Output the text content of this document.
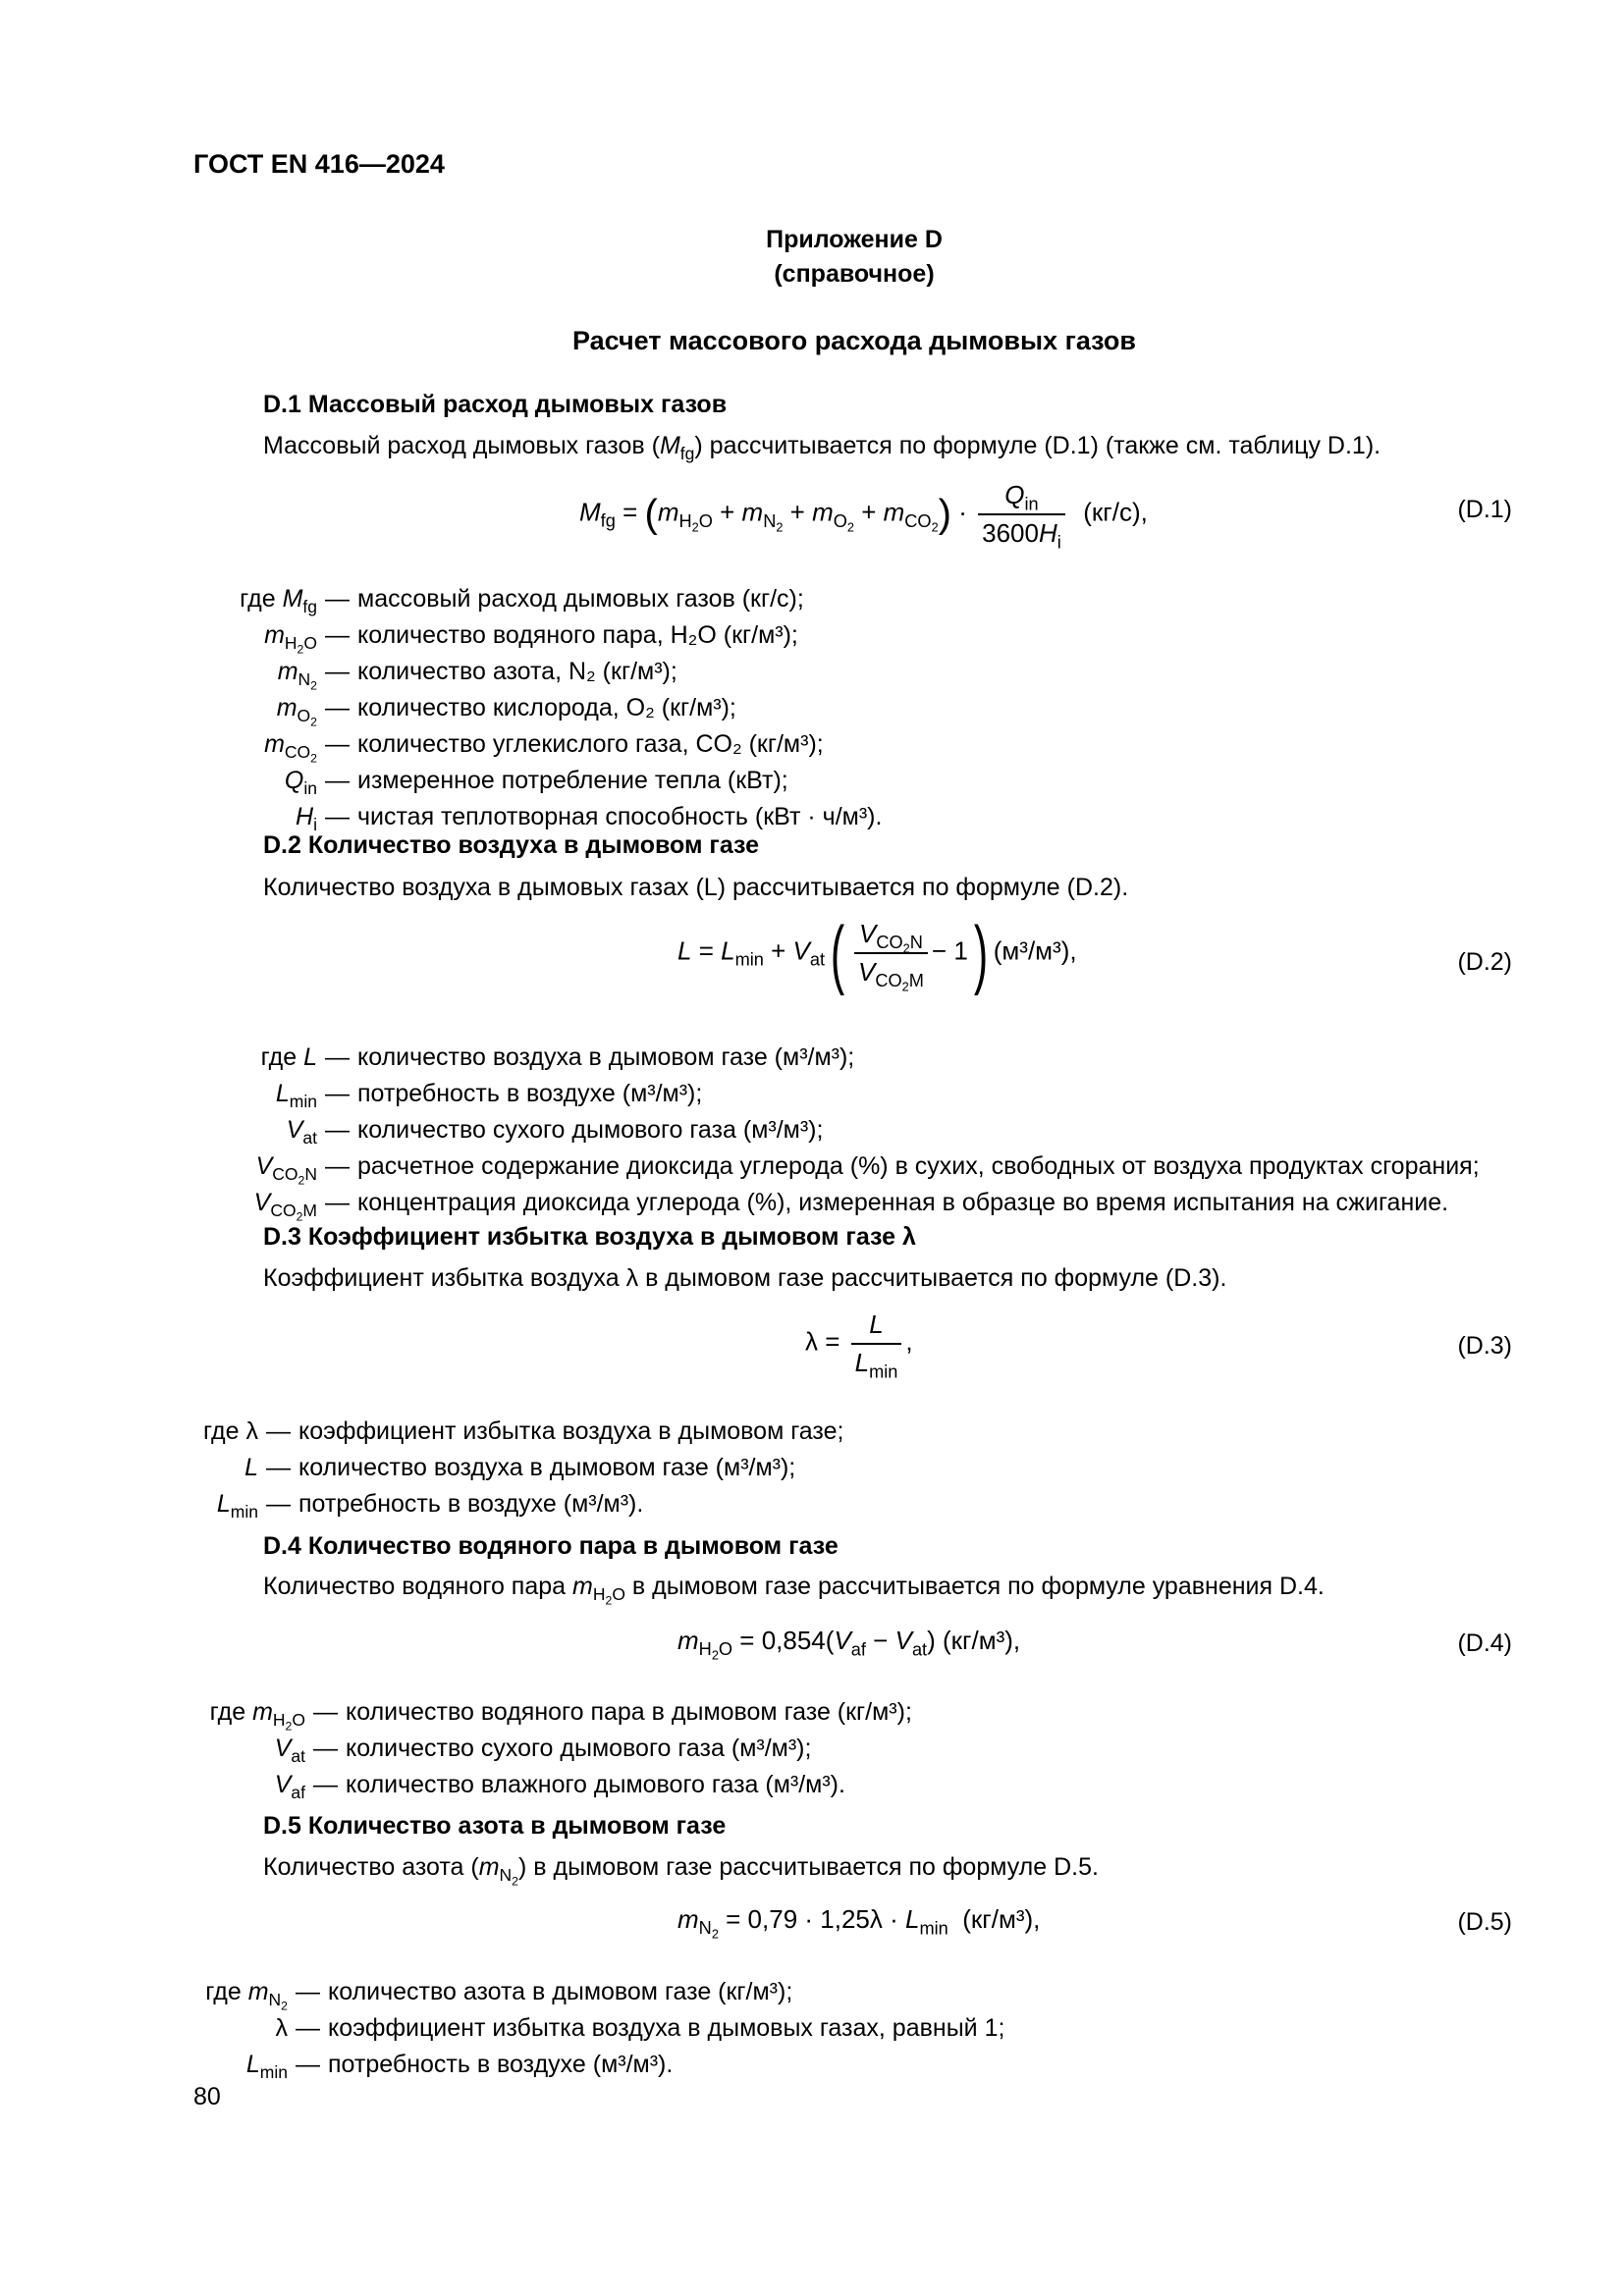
ГОСТ EN 416—2024
Приложение D
(справочное)
Расчет массового расхода дымовых газов
D.1 Массовый расход дымовых газов
Массовый расход дымовых газов $(M_{fg})$ рассчитывается по формуле (D.1) (также см. таблицу D.1).
$M_{fg} = (m_{H_2O} + m_{N_2} + m_{O_2} + m_{CO_2}) \cdot \frac{Q_{in}}{3600H_i} (кг/с)$,	(D.1)
где $M_{fg}$ — массовый расход дымовых газов (кг/с);
$m_{H_2O}$ — количество водяного пара, H₂O (кг/м³);
$m_{N_2}—$ количество азота, N₂ (кг/м³);
$m_{O_2}—$ количество кислорода, O₂ (кг/м³);
$m_{CO_2}—$ количество углекислого газа, CO₂ (кг/м³);
$Q_{in}$ — измеренное потребление тепла (кВт);
$H_i$ — чистая теплотворная способность (кВт · ч/м³).
D.2 Количество воздуха в дымовом газе
Количество воздуха в дымовых газах (L) рассчитывается по формуле (D.2).
$L = L_{min} + V_{at}( \frac{V_{CO_2N}}{V_{CO_2M}} - 1)$ (м³/м³),	(D.2)
где L — количество воздуха в дымовом газе (м³/м³);
$L_{min}$ — потребность в воздухе (м³/м³);
$V_{at}$ — количество сухого дымового газа (м³/м³);
$V_{CO_2N}$ — расчетное содержание диоксида углерода (%) в сухих, свободных от воздуха продуктах сгорания;
$V_{CO_2M}$ — концентрация диоксида углерода (%), измеренная в образце во время испытания на сжигание.
D.3 Коэффициент избытка воздуха в дымовом газе λ
Коэффициент избытка воздуха λ в дымовом газе рассчитывается по формуле (D.3).
$\lambda = \frac{L}{L_{min}}$ ,	(D.3)
где λ — коэффициент избытка воздуха в дымовом газе;
L — количество воздуха в дымовом газе (м³/м³);
$L_{min}$ — потребность в воздухе (м³/м³).
D.4 Количество водяного пара в дымовом газе
Количество водяного пара $m_{H_2O}$ в дымовом газе рассчитывается по формуле уравнения D.4.
$m_{H_2O} = 0,854(V_{af} - V_{at})$ (кг/м³),	(D.4)
где $m_{H_2O}$ — количество водяного пара в дымовом газе (кг/м³);
$V_{at}$ — количество сухого дымового газа (м³/м³);
$V_{af}$ — количество влажного дымового газа (м³/м³).
D.5 Количество азота в дымовом газе
Количество азота $(m_{N_2})$ в дымовом газе рассчитывается по формуле D.5.
$m_{N_2} = 0,79 \cdot 1,25\lambda \cdot L_{min}$ (кг/м³),	(D.5)
где $m_{N_2}—$ количество азота в дымовом газе (кг/м³);
λ — коэффициент избытка воздуха в дымовых газах, равный 1;
$L_{min}$ — потребность в воздухе (м³/м³).
80
